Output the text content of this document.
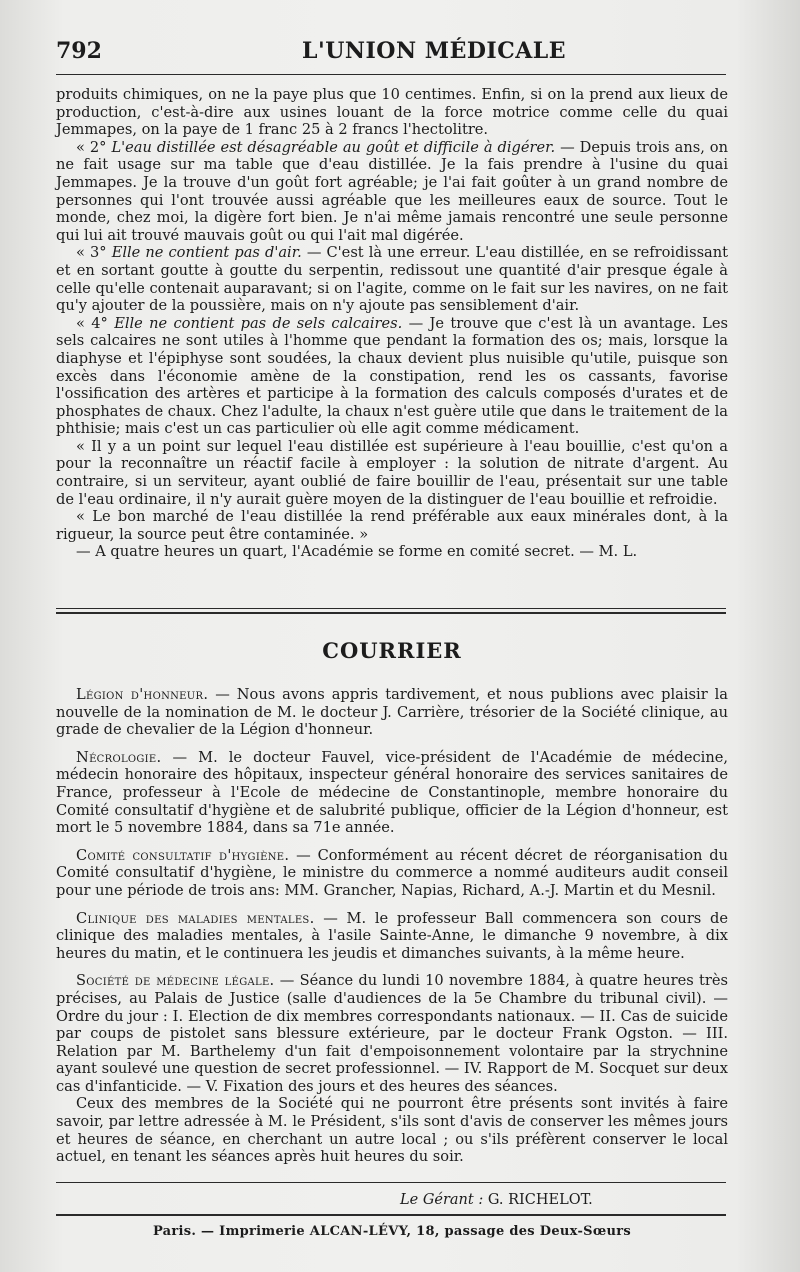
792	L'UNION MÉDICALE

produits chimiques, on ne la paye plus que 10 centimes. Enfin, si on la prend aux lieux de production, c'est-à-dire aux usines louant de la force motrice comme celle du quai Jemmapes, on la paye de 1 franc 25 à 2 francs l'hectolitre.

« 2° L'eau distillée est désagréable au goût et difficile à digérer. — Depuis trois ans, on ne fait usage sur ma table que d'eau distillée. Je la fais prendre à l'usine du quai Jemmapes. Je la trouve d'un goût fort agréable; je l'ai fait goûter à un grand nombre de personnes qui l'ont trouvée aussi agréable que les meilleures eaux de source. Tout le monde, chez moi, la digère fort bien. Je n'ai même jamais rencontré une seule personne qui lui ait trouvé mauvais goût ou qui l'ait mal digérée.

« 3° Elle ne contient pas d'air. — C'est là une erreur. L'eau distillée, en se refroidissant et en sortant goutte à goutte du serpentin, redissout une quantité d'air presque égale à celle qu'elle contenait auparavant; si on l'agite, comme on le fait sur les navires, on ne fait qu'y ajouter de la poussière, mais on n'y ajoute pas sensiblement d'air.

« 4° Elle ne contient pas de sels calcaires. — Je trouve que c'est là un avantage. Les sels calcaires ne sont utiles à l'homme que pendant la formation des os; mais, lorsque la diaphyse et l'épiphyse sont soudées, la chaux devient plus nuisible qu'utile, puisque son excès dans l'économie amène de la constipation, rend les os cassants, favorise l'ossification des artères et participe à la formation des calculs composés d'urates et de phosphates de chaux. Chez l'adulte, la chaux n'est guère utile que dans le traitement de la phthisie; mais c'est un cas particulier où elle agit comme médicament.

« Il y a un point sur lequel l'eau distillée est supérieure à l'eau bouillie, c'est qu'on a pour la reconnaître un réactif facile à employer : la solution de nitrate d'argent. Au contraire, si un serviteur, ayant oublié de faire bouillir de l'eau, présentait sur une table de l'eau ordinaire, il n'y aurait guère moyen de la distinguer de l'eau bouillie et refroidie.

« Le bon marché de l'eau distillée la rend préférable aux eaux minérales dont, à la rigueur, la source peut être contaminée. »

— A quatre heures un quart, l'Académie se forme en comité secret. — M. L.

COURRIER

Légion d'honneur. — Nous avons appris tardivement, et nous publions avec plaisir la nouvelle de la nomination de M. le docteur J. Carrière, trésorier de la Société clinique, au grade de chevalier de la Légion d'honneur.

Nécrologie. — M. le docteur Fauvel, vice-président de l'Académie de médecine, médecin honoraire des hôpitaux, inspecteur général honoraire des services sanitaires de France, professeur à l'Ecole de médecine de Constantinople, membre honoraire du Comité consultatif d'hygiène et de salubrité publique, officier de la Légion d'honneur, est mort le 5 novembre 1884, dans sa 71e année.

Comité consultatif d'hygiène. — Conformément au récent décret de réorganisation du Comité consultatif d'hygiène, le ministre du commerce a nommé auditeurs audit conseil pour une période de trois ans: MM. Grancher, Napias, Richard, A.-J. Martin et du Mesnil.

Clinique des maladies mentales. — M. le professeur Ball commencera son cours de clinique des maladies mentales, à l'asile Sainte-Anne, le dimanche 9 novembre, à dix heures du matin, et le continuera les jeudis et dimanches suivants, à la même heure.

Société de médecine légale. — Séance du lundi 10 novembre 1884, à quatre heures très précises, au Palais de Justice (salle d'audiences de la 5e Chambre du tribunal civil). — Ordre du jour : I. Election de dix membres correspondants nationaux. — II. Cas de suicide par coups de pistolet sans blessure extérieure, par le docteur Frank Ogston. — III. Relation par M. Barthelemy d'un fait d'empoisonnement volontaire par la strychnine ayant soulevé une question de secret professionnel. — IV. Rapport de M. Socquet sur deux cas d'infanticide. — V. Fixation des jours et des heures des séances.

Ceux des membres de la Société qui ne pourront être présents sont invités à faire savoir, par lettre adressée à M. le Président, s'ils sont d'avis de conserver les mêmes jours et heures de séance, en cherchant un autre local ; ou s'ils préfèrent conserver le local actuel, en tenant les séances après huit heures du soir.

Le Gérant : G. RICHELOT.
Paris. — Imprimerie ALCAN-LÉVY, 18, passage des Deux-Sœurs
